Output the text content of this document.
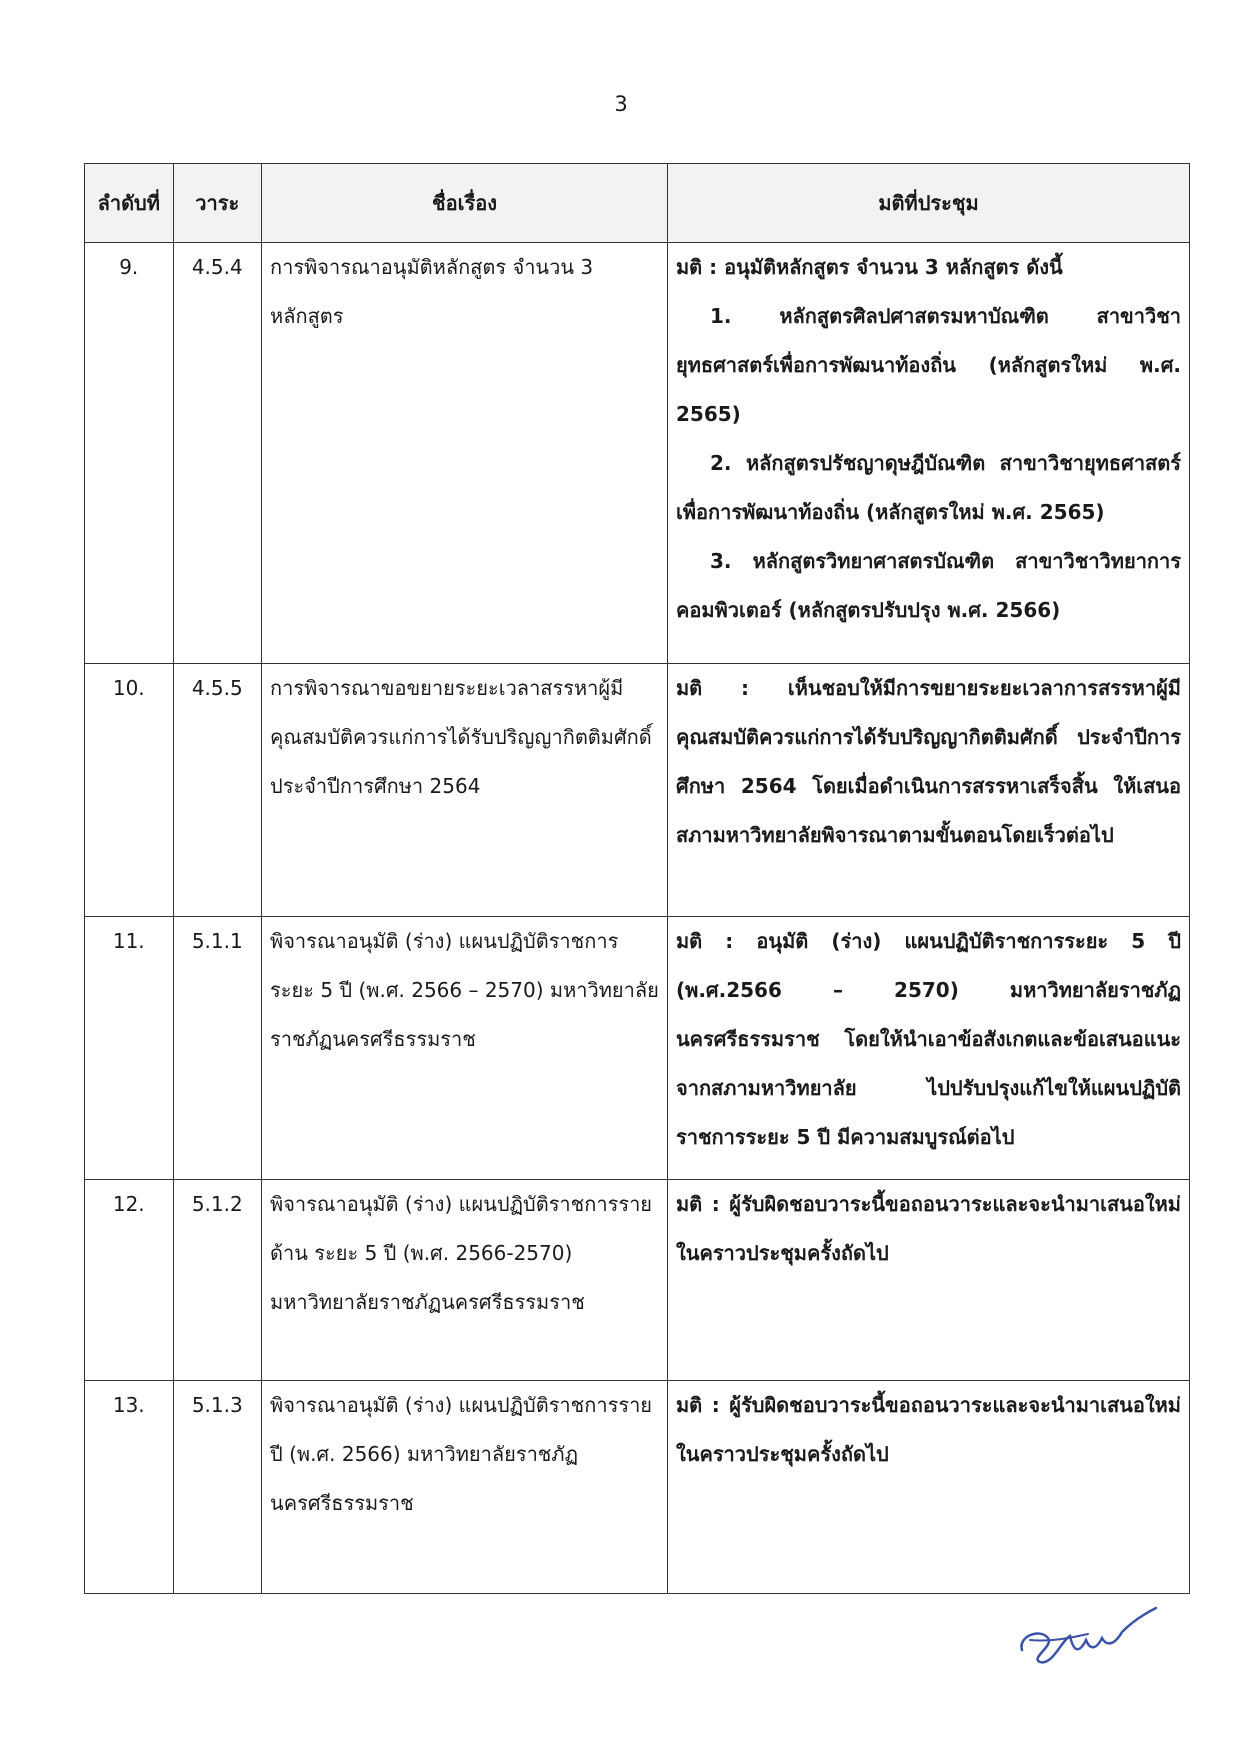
3
ลำดับที่	วาระ	ชื่อเรื่อง	มติที่ประชุม
9.	4.5.4	การพิจารณาอนุมัติหลักสูตร จำนวน 3 หลักสูตร	มติ : อนุมัติหลักสูตร จำนวน 3 หลักสูตร ดังนี้
1. หลักสูตรศิลปศาสตรมหาบัณฑิต สาขาวิชายุทธศาสตร์เพื่อการพัฒนาท้องถิ่น (หลักสูตรใหม่ พ.ศ. 2565)
2. หลักสูตรปรัชญาดุษฎีบัณฑิต สาขาวิชายุทธศาสตร์เพื่อการพัฒนาท้องถิ่น (หลักสูตรใหม่ พ.ศ. 2565)
3. หลักสูตรวิทยาศาสตรบัณฑิต สาขาวิชาวิทยาการคอมพิวเตอร์ (หลักสูตรปรับปรุง พ.ศ. 2566)

10.	4.5.5	การพิจารณาขอขยายระยะเวลาสรรหาผู้มีคุณสมบัติควรแก่การได้รับปริญญากิตติมศักดิ์ ประจำปีการศึกษา 2564	มติ : เห็นชอบให้มีการขยายระยะเวลาการสรรหาผู้มีคุณสมบัติควรแก่การได้รับปริญญากิตติมศักดิ์ ประจำปีการศึกษา 2564 โดยเมื่อดำเนินการสรรหาเสร็จสิ้น ให้เสนอสภามหาวิทยาลัยพิจารณาตามขั้นตอนโดยเร็วต่อไป
11.	5.1.1	พิจารณาอนุมัติ (ร่าง) แผนปฏิบัติราชการระยะ 5 ปี (พ.ศ. 2566 – 2570) มหาวิทยาลัยราชภัฏนครศรีธรรมราช	มติ : อนุมัติ (ร่าง) แผนปฏิบัติราชการระยะ 5 ปี (พ.ศ.2566 – 2570) มหาวิทยาลัยราชภัฏนครศรีธรรมราช โดยให้นำเอาข้อสังเกตและข้อเสนอแนะจากสภามหาวิทยาลัย ไปปรับปรุงแก้ไขให้แผนปฏิบัติราชการระยะ 5 ปี มีความสมบูรณ์ต่อไป
12.	5.1.2	พิจารณาอนุมัติ (ร่าง) แผนปฏิบัติราชการรายด้าน ระยะ 5 ปี (พ.ศ. 2566-2570) มหาวิทยาลัยราชภัฏนครศรีธรรมราช	มติ : ผู้รับผิดชอบวาระนี้ขอถอนวาระและจะนำมาเสนอใหม่ในคราวประชุมครั้งถัดไป
13.	5.1.3	พิจารณาอนุมัติ (ร่าง) แผนปฏิบัติราชการรายปี (พ.ศ. 2566) มหาวิทยาลัยราชภัฏนครศรีธรรมราช	มติ : ผู้รับผิดชอบวาระนี้ขอถอนวาระและจะนำมาเสนอใหม่ในคราวประชุมครั้งถัดไป
